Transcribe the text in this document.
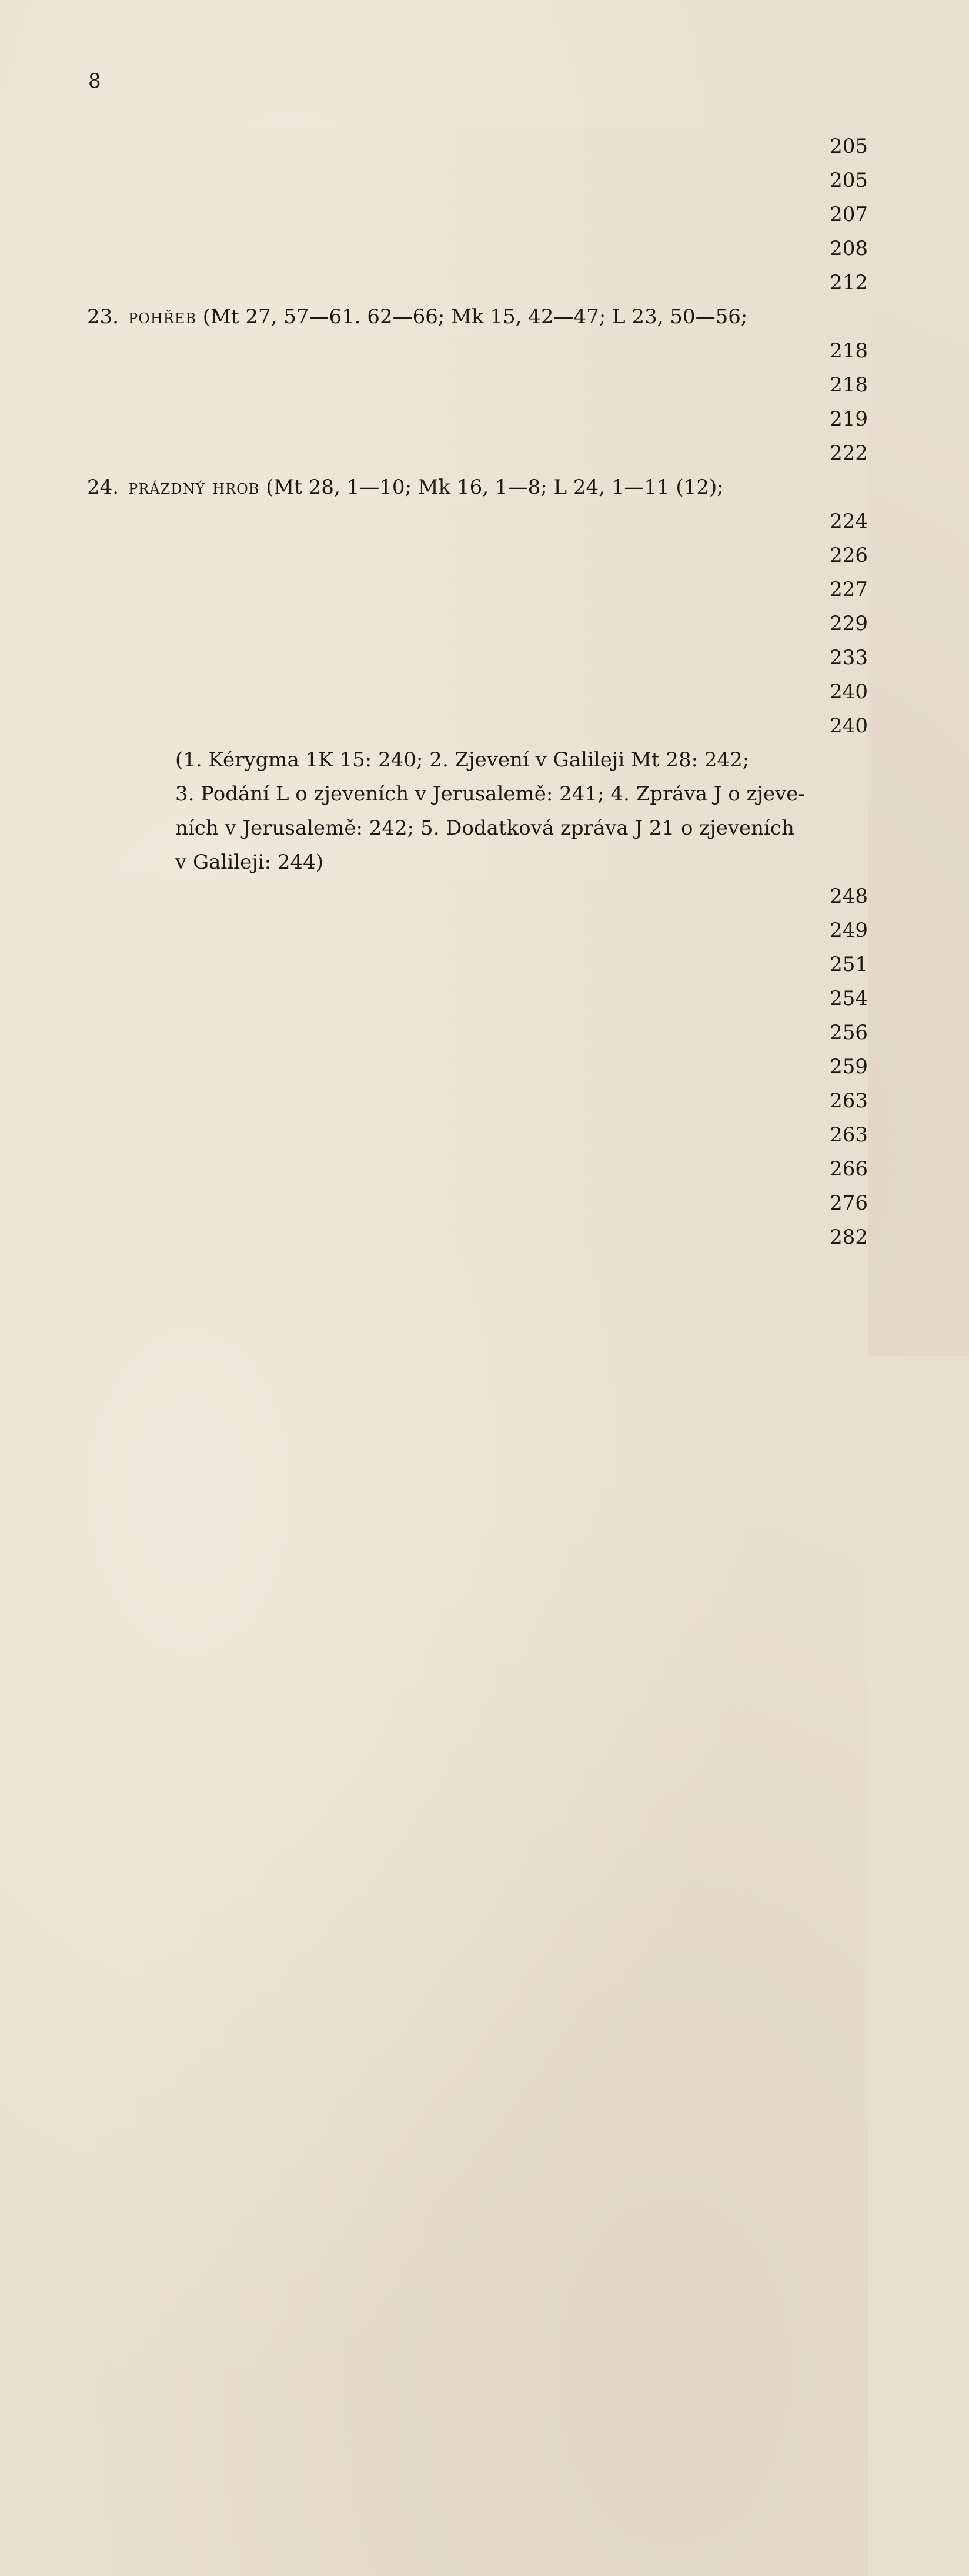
8
205
205
207
208
212
23. pohřeb (Mt 27, 57—61. 62—66; Mk 15, 42—47; L 23, 50—56;
218
218
219
222
24. prázdný hrob (Mt 28, 1—10; Mk 16, 1—8; L 24, 1—11 (12);
224
226
227
229
233
240
240
(1. Kérygma 1K 15: 240; 2. Zjevení v Galileji Mt 28: 242;
3. Podání L o zjeveních v Jerusalemě: 241; 4. Zpráva J o zjeve-
ních v Jerusalemě: 242; 5. Dodatková zpráva J 21 o zjeveních
v Galileji: 244)
248
249
251
254
256
259
263
263
266
276
282
